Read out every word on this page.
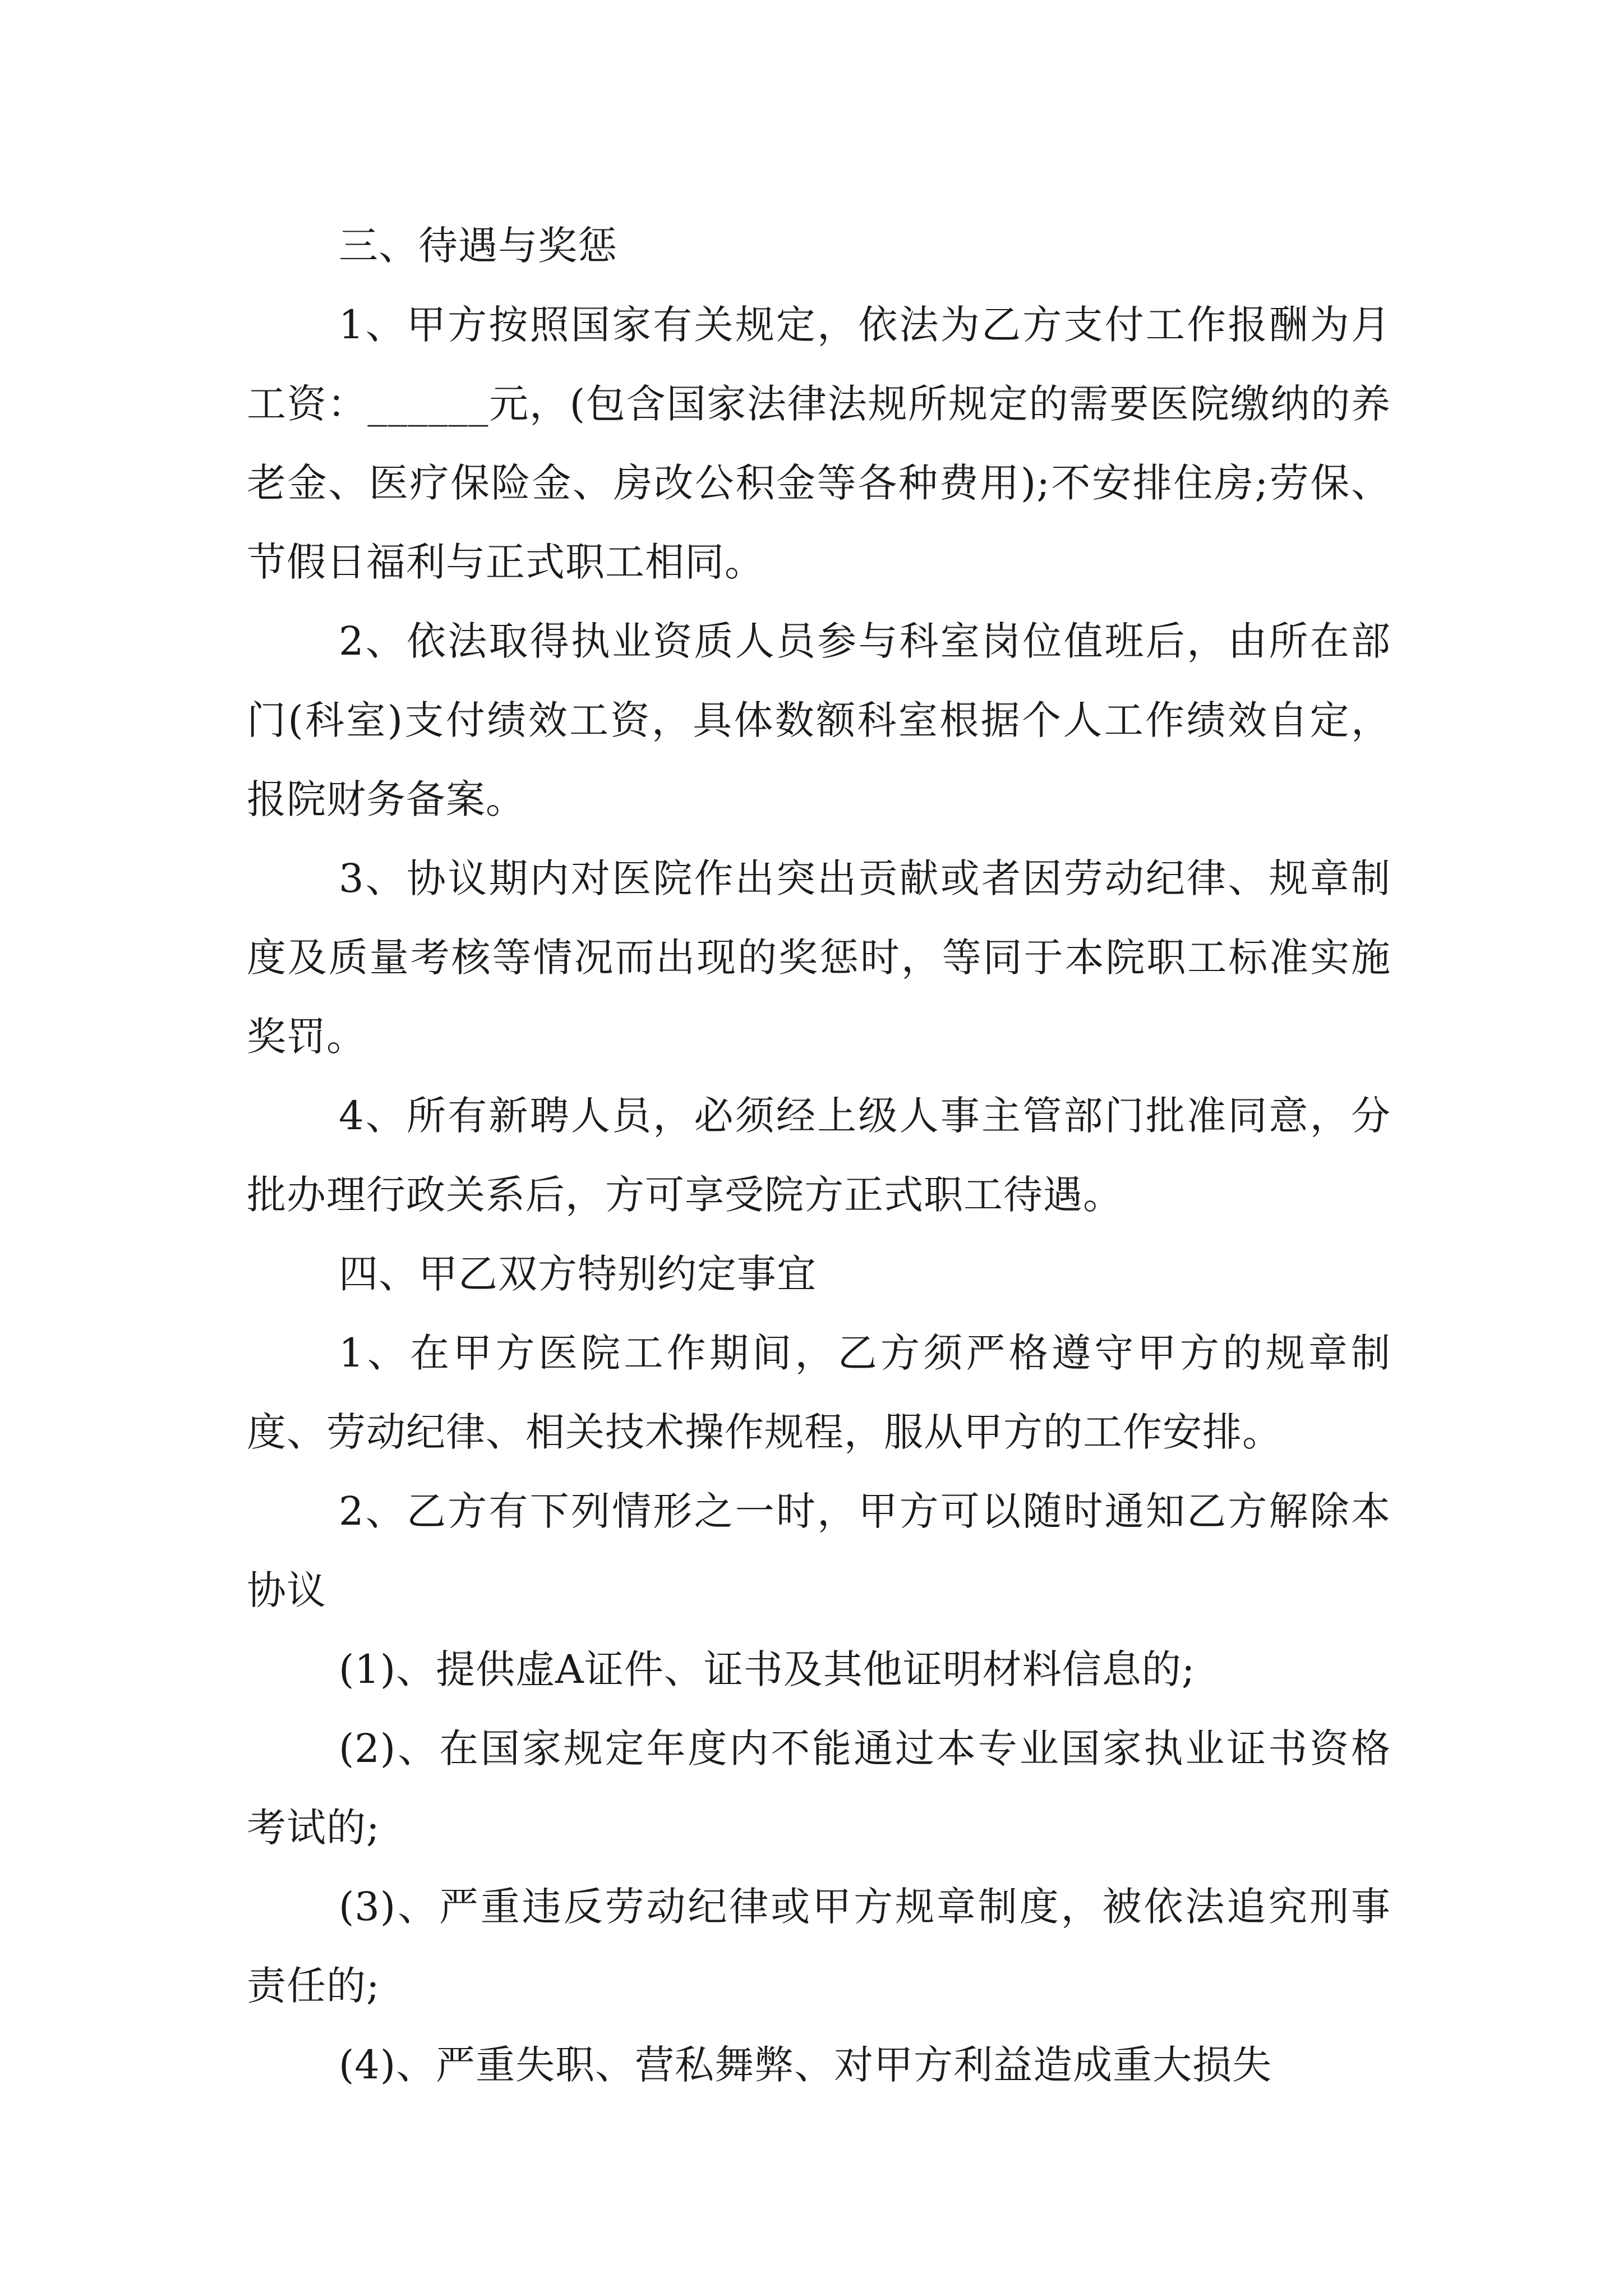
三、待遇与奖惩

1、甲方按照国家有关规定，依法为乙方支付工作报酬为月工资：______元，(包含国家法律法规所规定的需要医院缴纳的养老金、医疗保险金、房改公积金等各种费用);不安排住房;劳保、节假日福利与正式职工相同。

2、依法取得执业资质人员参与科室岗位值班后，由所在部门(科室)支付绩效工资，具体数额科室根据个人工作绩效自定，报院财务备案。

3、协议期内对医院作出突出贡献或者因劳动纪律、规章制度及质量考核等情况而出现的奖惩时，等同于本院职工标准实施奖罚。

4、所有新聘人员，必须经上级人事主管部门批准同意，分批办理行政关系后，方可享受院方正式职工待遇。

四、甲乙双方特别约定事宜

1、在甲方医院工作期间，乙方须严格遵守甲方的规章制度、劳动纪律、相关技术操作规程，服从甲方的工作安排。

2、乙方有下列情形之一时，甲方可以随时通知乙方解除本协议

(1)、提供虚A证件、证书及其他证明材料信息的;

(2)、在国家规定年度内不能通过本专业国家执业证书资格考试的;

(3)、严重违反劳动纪律或甲方规章制度，被依法追究刑事责任的;

(4)、严重失职、营私舞弊、对甲方利益造成重大损失
